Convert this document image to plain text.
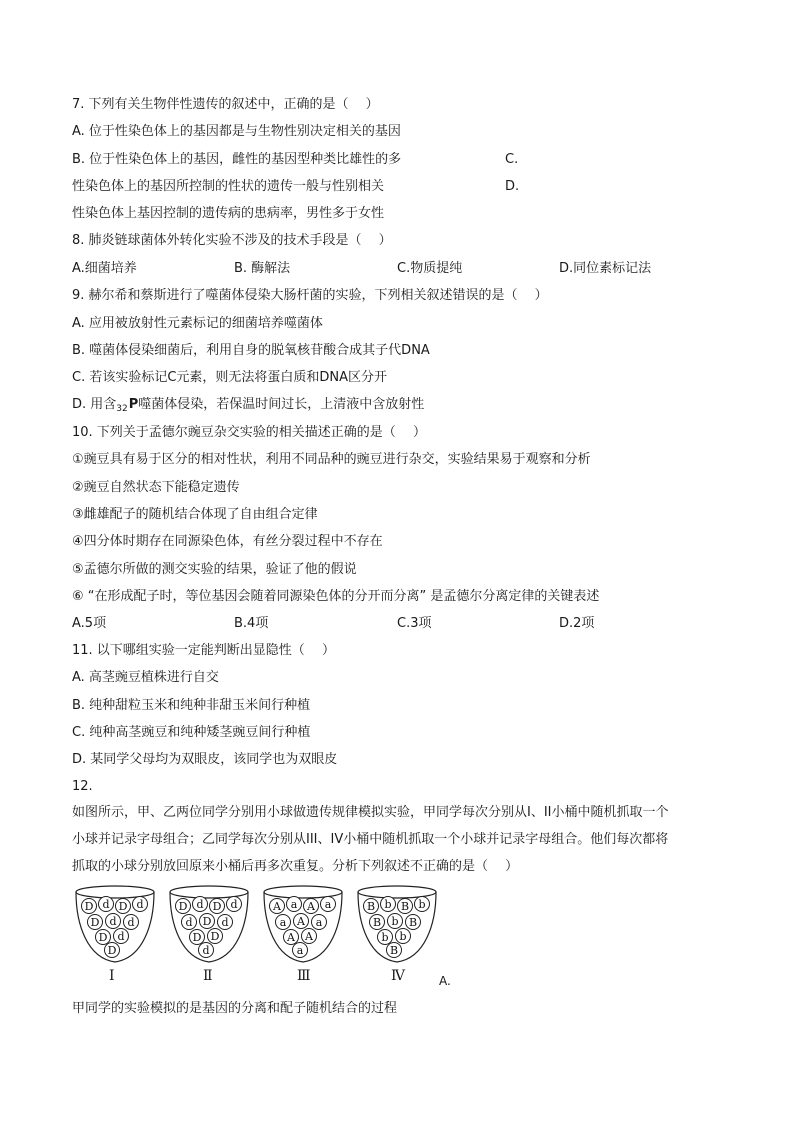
7. 下列有关生物伴性遗传的叙述中，正确的是（　 ）
A. 位于性染色体上的基因都是与生物性别决定相关的基因
B. 位于性染色体上的基因，雌性的基因型种类比雄性的多	C.
性染色体上的基因所控制的性状的遗传一般与性别相关	D.
性染色体上基因控制的遗传病的患病率，男性多于女性
8. 肺炎链球菌体外转化实验不涉及的技术手段是（　 ）
A.细菌培养	B. 酶解法	C.物质提纯	D.同位素标记法
9. 赫尔希和蔡斯进行了噬菌体侵染大肠杆菌的实验，下列相关叙述错误的是（　 ）
A. 应用被放射性元素标记的细菌培养噬菌体
B. 噬菌体侵染细菌后，利用自身的脱氧核苷酸合成其子代DNA
C. 若该实验标记C元素，则无法将蛋白质和DNA区分开
D. 用含$_{32}$P噬菌体侵染，若保温时间过长，上清液中含放射性
10. 下列关于孟德尔豌豆杂交实验的相关描述正确的是（　 ）
①豌豆具有易于区分的相对性状，利用不同品种的豌豆进行杂交，实验结果易于观察和分析
②豌豆自然状态下能稳定遗传
③雌雄配子的随机结合体现了自由组合定律
④四分体时期存在同源染色体，有丝分裂过程中不存在
⑤孟德尔所做的测交实验的结果，验证了他的假说
⑥ “在形成配子时，等位基因会随着同源染色体的分开而分离” 是孟德尔分离定律的关键表述
A.5项	B.4项	C.3项	D.2项
11. 以下哪组实验一定能判断出显隐性（　 ）
A. 高茎豌豆植株进行自交
B. 纯种甜粒玉米和纯种非甜玉米间行种植
C. 纯种高茎豌豆和纯种矮茎豌豆间行种植
D. 某同学父母均为双眼皮，该同学也为双眼皮
12.
如图所示，甲、乙两位同学分别用小球做遗传规律模拟实验，甲同学每次分别从I、II小桶中随机抓取一个
小球并记录字母组合；乙同学每次分别从III、IV小桶中随机抓取一个小球并记录字母组合。他们每次都将
抓取的小球分别放回原来小桶后再多次重复。分析下列叙述不正确的是（　 ）
D d D d
D d d
D d
D
Ⅰ
D d D d
d D d
D D
d
Ⅱ
A a A a
a A a
A A
a
Ⅲ
B b B b
B b B
b b
B
Ⅳ	A.
甲同学的实验模拟的是基因的分离和配子随机结合的过程
